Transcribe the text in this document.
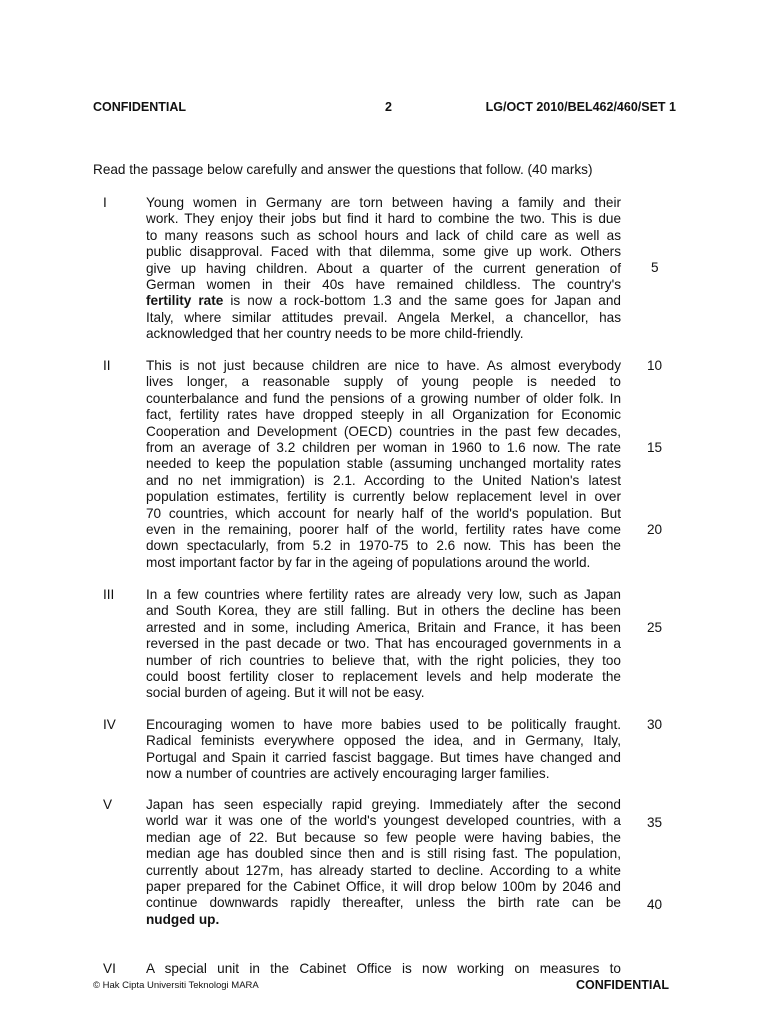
CONFIDENTIAL	2	LG/OCT 2010/BEL462/460/SET 1
Read the passage below carefully and answer the questions that follow. (40 marks)
I	Young women in Germany are torn between having a family and their
work. They enjoy their jobs but find it hard to combine the two. This is due
to many reasons such as school hours and lack of child care as well as
public disapproval. Faced with that dilemma, some give up work. Others
give up having children. About a quarter of the current generation of
German women in their 40s have remained childless. The country's
fertility rate is now a rock-bottom 1.3 and the same goes for Japan and
Italy, where similar attitudes prevail. Angela Merkel, a chancellor, has
acknowledged that her country needs to be more child-friendly.
II	This is not just because children are nice to have. As almost everybody
lives longer, a reasonable supply of young people is needed to
counterbalance and fund the pensions of a growing number of older folk. In
fact, fertility rates have dropped steeply in all Organization for Economic
Cooperation and Development (OECD) countries in the past few decades,
from an average of 3.2 children per woman in 1960 to 1.6 now. The rate
needed to keep the population stable (assuming unchanged mortality rates
and no net immigration) is 2.1. According to the United Nation's latest
population estimates, fertility is currently below replacement level in over
70 countries, which account for nearly half of the world's population. But
even in the remaining, poorer half of the world, fertility rates have come
down spectacularly, from 5.2 in 1970-75 to 2.6 now. This has been the
most important factor by far in the ageing of populations around the world.
III In a few countries where fertility rates are already very low, such as Japan
and South Korea, they are still falling. But in others the decline has been
arrested and in some, including America, Britain and France, it has been
reversed in the past decade or two. That has encouraged governments in a
number of rich countries to believe that, with the right policies, they too
could boost fertility closer to replacement levels and help moderate the
social burden of ageing. But it will not be easy.
IV Encouraging women to have more babies used to be politically fraught.
Radical feminists everywhere opposed the idea, and in Germany, Italy,
Portugal and Spain it carried fascist baggage. But times have changed and
now a number of countries are actively encouraging larger families.
V Japan has seen especially rapid greying. Immediately after the second
world war it was one of the world's youngest developed countries, with a
median age of 22. But because so few people were having babies, the
median age has doubled since then and is still rising fast. The population,
currently about 127m, has already started to decline. According to a white
paper prepared for the Cabinet Office, it will drop below 100m by 2046 and
continue downwards rapidly thereafter, unless the birth rate can be
nudged up.
VI A special unit in the Cabinet Office is now working on measures to
5
10
15
20
25
30
35
40
© Hak Cipta Universiti Teknologi MARA	CONFIDENTIAL
